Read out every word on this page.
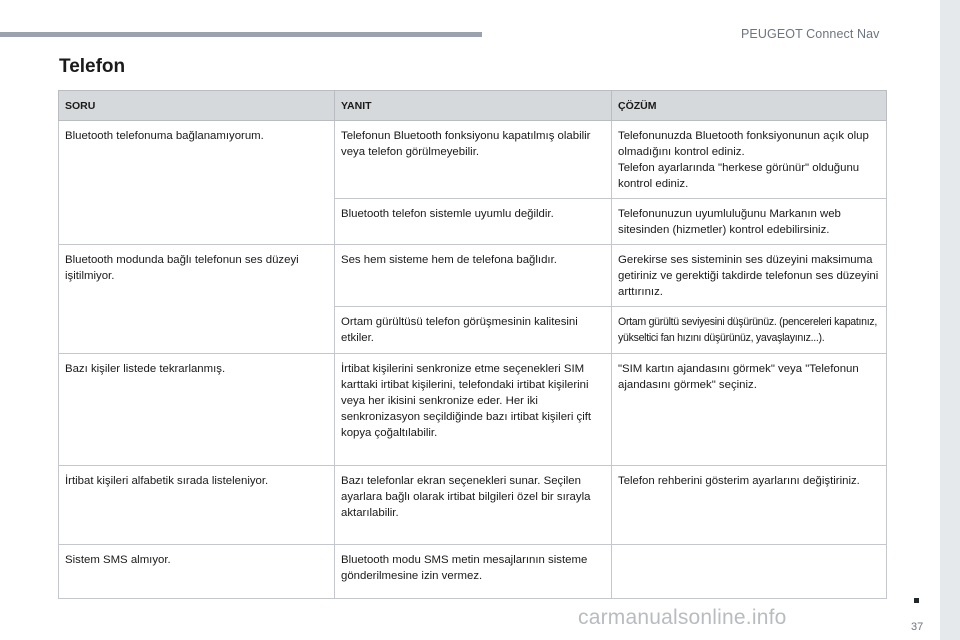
PEUGEOT Connect Nav
Telefon
SORU	YANIT	ÇÖZÜM
Bluetooth telefonuma bağlanamıyorum.	Telefonun Bluetooth fonksiyonu kapatılmış olabilir veya telefon görülmeyebilir.	Telefonunuzda Bluetooth fonksiyonunun açık olup olmadığını kontrol ediniz.
Telefon ayarlarında "herkese görünür" olduğunu kontrol ediniz.

	Bluetooth telefon sistemle uyumlu değildir.	Telefonunuzun uyumluluğunu Markanın web sitesinden (hizmetler) kontrol edebilirsiniz.
Bluetooth modunda bağlı telefonun ses düzeyi işitilmiyor.	Ses hem sisteme hem de telefona bağlıdır.	Gerekirse ses sisteminin ses düzeyini maksimuma getiriniz ve gerektiği takdirde telefonun ses düzeyini arttırınız.
	Ortam gürültüsü telefon görüşmesinin kalitesini etkiler.	Ortam gürültü seviyesini düşürünüz. (pencereleri kapatınız, yükseltici fan hızını düşürünüz, yavaşlayınız...).
Bazı kişiler listede tekrarlanmış.	İrtibat kişilerini senkronize etme seçenekleri SIM karttaki irtibat kişilerini, telefondaki irtibat kişilerini veya her ikisini senkronize eder. Her iki senkronizasyon seçildiğinde bazı irtibat kişileri çift kopya çoğaltılabilir.	"SIM kartın ajandasını görmek" veya "Telefonun ajandasını görmek" seçiniz.
İrtibat kişileri alfabetik sırada listeleniyor.	Bazı telefonlar ekran seçenekleri sunar. Seçilen ayarlara bağlı olarak irtibat bilgileri özel bir sırayla aktarılabilir.	Telefon rehberini gösterim ayarlarını değiştiriniz.
Sistem SMS almıyor.	Bluetooth modu SMS metin mesajlarının sisteme gönderilmesine izin vermez.	
carmanualsonline.info	37
